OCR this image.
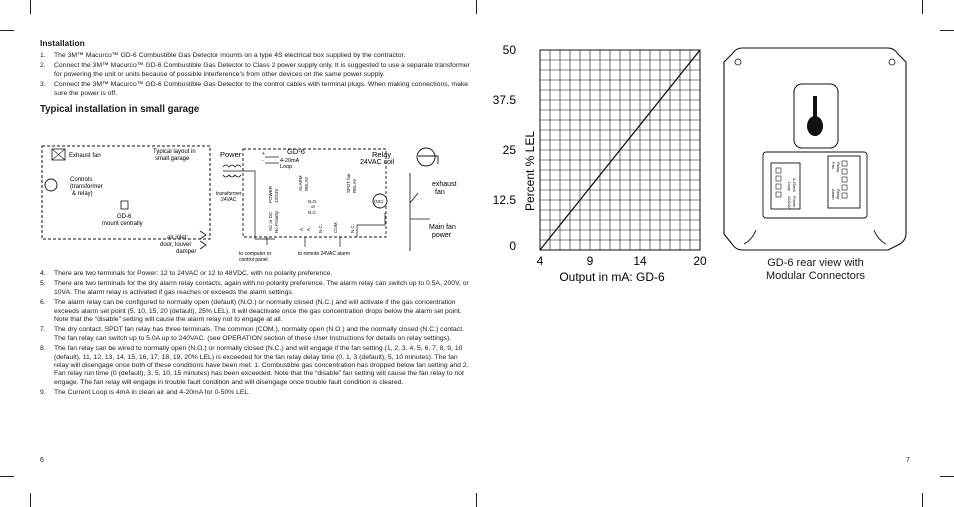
Installation
1.	The 3M™ Macurco™ GD-6 Combustible Gas Detector mounts on a type 4S electrical box supplied by the contractor.
2.	Connect the 3M™ Macurco™ GD-6 Combustible Gas Detector to Class 2 power supply only. It is suggested to use a separate transformer for powering the unit or units because of possible interference’s from other devices on the same power supply.
3.	Connect the 3M™ Macurco™ GD-6 Combustible Gas Detector to the control cables with terminal plugs. When making connections, make sure the power is off.
Typical installation in small garage
Exhaust fan
Typical layout in
small garage
Controls
(transformer
& relay)
GD-6
mount centrally
air inlet:
door, louver
damper
Power
transformer
24VAC
GD-6
+
-	4-20mA
Loop
POWER 12/24V
ALARM RELAY	SPDT fan RELAY
N.O.
or
N.C.
AC or DC No Polarity	A A N.C. COM.	N.C.
to computer or
control panel
to remote 24VAC alarm
Relay
24VAC coil
(NC)
exhaust
fan
Main fan
power
4.	There are two terminals for Power: 12 to 24VAC or 12 to 48VDC, with no polarity preference.
5.	There are two terminals for the dry alarm relay contacts, again with no polarity preference. The alarm relay can switch up to 0.5A, 200V, or 10VA. The alarm relay is activated if gas reaches or exceeds the alarm settings.
6.	The alarm relay can be configured to normally open (default) (N.O.) or normally closed (N.C.) and will activate if the gas concentration exceeds alarm set point (5, 10, 15, 20 (default), 25% LEL). It will deactivate once the gas concentration drops below the alarm set point. Note that the “disable” setting will cause the alarm relay not to engage at all.
7.	The dry contact, SPDT fan relay has three terminals. The common (COM.), normally open (N.O.) and the normally closed (N.C.) contact. The fan relay can switch up to 5.0A up to 240VAC. (see OPERATION section of these User Instructions for details on relay settings).
8.	The fan relay can be wired to normally open (N.O.) or normally closed (N.C.) and will engage if the fan setting (1, 2, 3, 4, 5, 6, 7, 8, 9, 10 (default), 11, 12, 13, 14, 15, 16, 17, 18, 19, 20% LEL) is exceeded for the fan relay delay time (0, 1, 3 (default), 5, 10 minutes). The fan relay will disengage once both of these conditions have been met: 1. Combustible gas concentration has dropped below fan setting and 2. Fan relay run time (0 (default), 3, 5, 10, 15 minutes) has been exceeded. Note that the “disable” fan setting will cause the fan relay to not engage. The fan relay will engage in trouble fault condition and will disengage once trouble fault condition is cleared.
9.	The Current Loop is 4mA in clean air and 4-20mA for 0-50% LEL.
6	7
0
12.5
25
37.5
50
4	9	14	20
Output in mA: GD-6
Percent % LEL	Loop 4-20mA
12/24V Power
Fan Relay
Alarm Relay
GD-6 rear view with
Modular Connectors
